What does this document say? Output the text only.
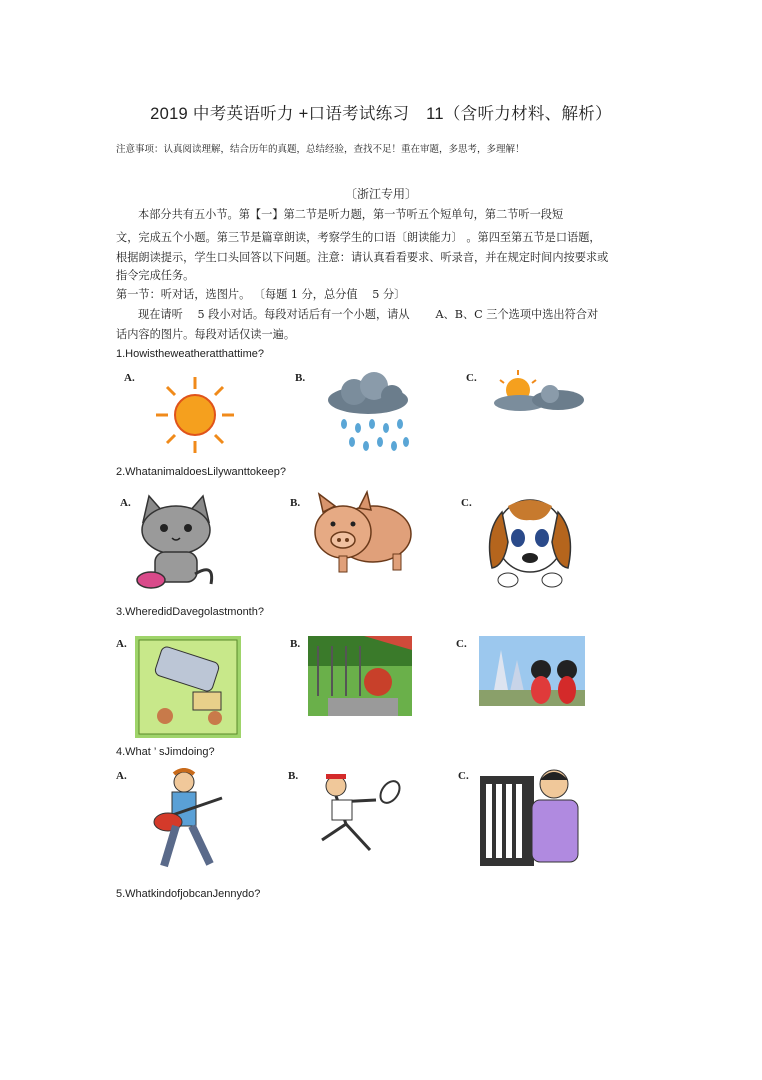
2019 中考英语听力 +口语考试练习　11（含听力材料、解析）
注意事项：认真阅读理解，结合历年的真题，总结经验，查找不足！重在审题，多思考，多理解！
〔浙江专用〕
本部分共有五小节。第【一】第二节是听力题，第一节听五个短单句，第二节听一段短
文，完成五个小题。第三节是篇章朗读，考察学生的口语〔朗读能力〕 。第四至第五节是口语题，
根据朗读提示，学生口头回答以下问题。注意：请认真看看要求、听录音，并在规定时间内按要求或
指令完成任务。
第一节：听对话，选图片。 〔每题 1 分，总分值　 5 分〕
现在请听　 5 段小对话。每段对话后有一个小题，请从　　 A、B、C 三个选项中选出符合对
话内容的图片。每段对话仅读一遍。
1.Howistheweatheratthattime?
A.	B.	C.
2.WhatanimaldoesLilywanttokeep?
A.	B.	C.
3.WheredidDavegolastmonth?
A.	B.	C.
4.What ’ sJimdoing?
A.	B.	C.
5.WhatkindofjobcanJennydo?
